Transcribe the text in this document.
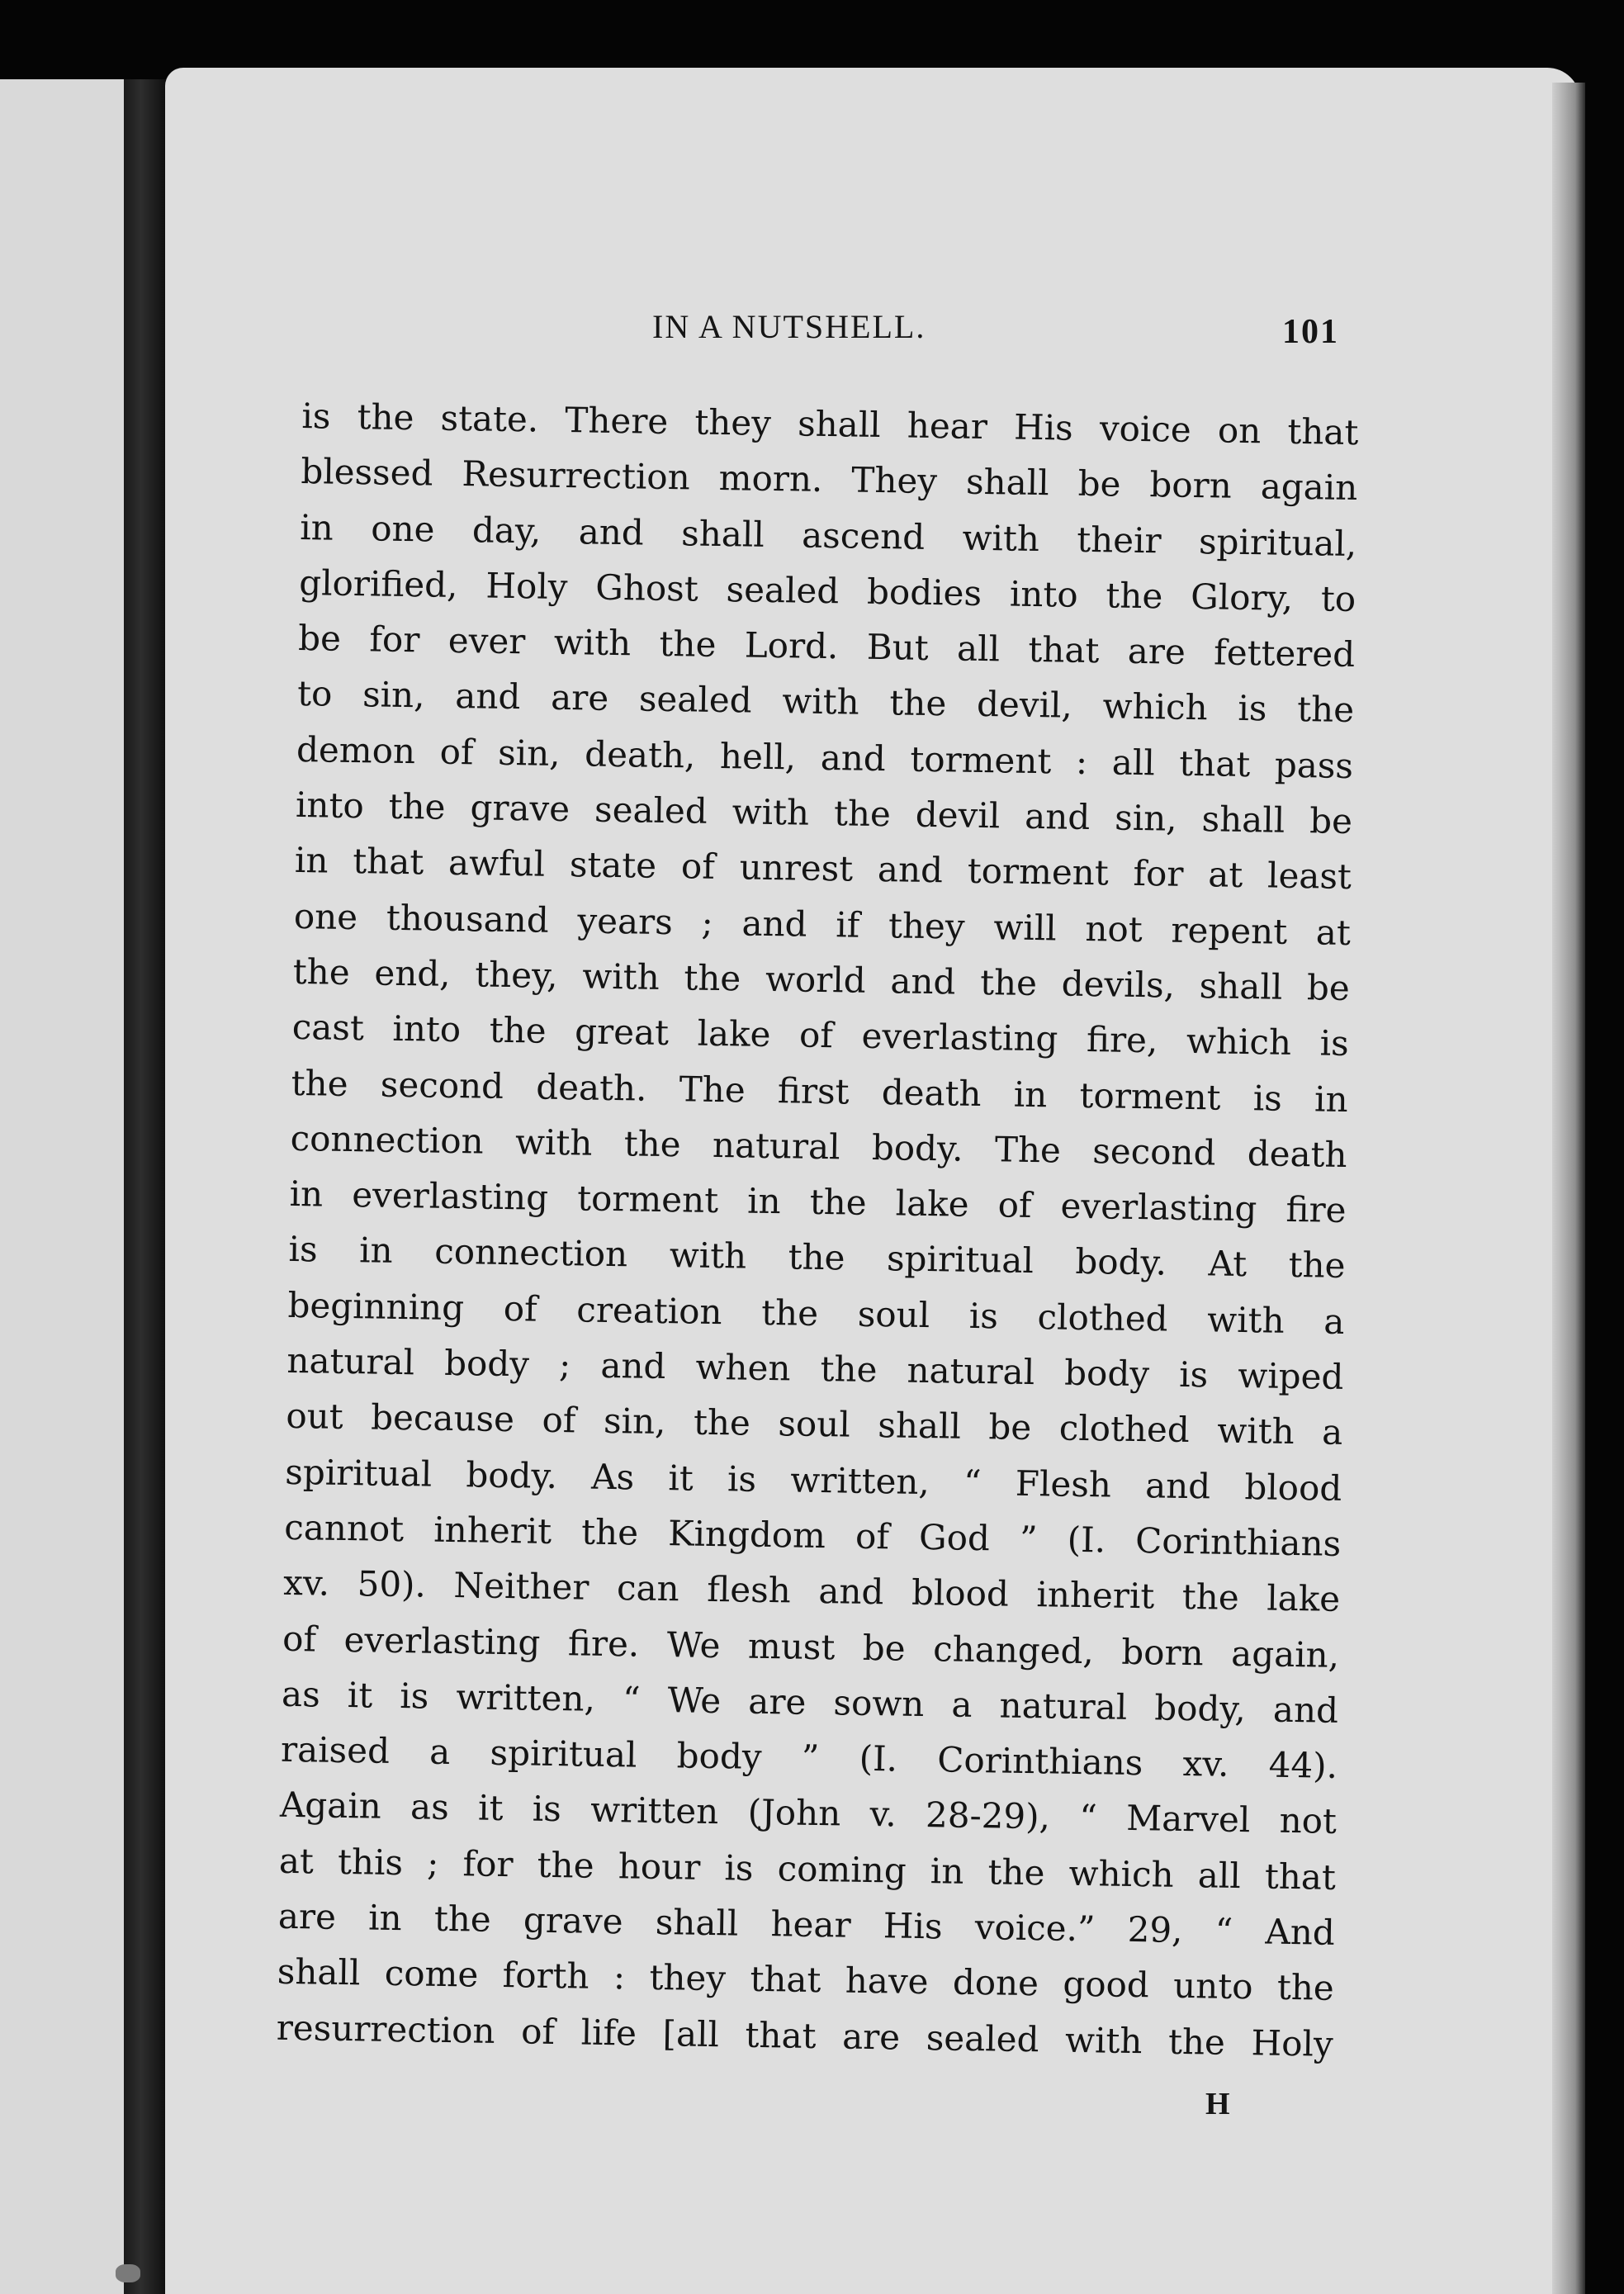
IN A NUTSHELL.	101
is the state. There they shall hear His voice on that
blessed Resurrection morn. They shall be born again
in one day, and shall ascend with their spiritual,
glorified, Holy Ghost sealed bodies into the Glory, to
be for ever with the Lord. But all that are fettered
to sin, and are sealed with the devil, which is the
demon of sin, death, hell, and torment : all that pass
into the grave sealed with the devil and sin, shall be
in that awful state of unrest and torment for at least
one thousand years ; and if they will not repent at
the end, they, with the world and the devils, shall be
cast into the great lake of everlasting fire, which is
the second death. The first death in torment is in
connection with the natural body. The second death
in everlasting torment in the lake of everlasting fire
is in connection with the spiritual body. At the
beginning of creation the soul is clothed with a
natural body ; and when the natural body is wiped
out because of sin, the soul shall be clothed with a
spiritual body. As it is written, “ Flesh and blood
cannot inherit the Kingdom of God ” (I. Corinthians
xv. 50). Neither can flesh and blood inherit the lake
of everlasting fire. We must be changed, born again,
as it is written, “ We are sown a natural body, and
raised a spiritual body ” (I. Corinthians xv. 44).
Again as it is written (John v. 28-29), “ Marvel not
at this ; for the hour is coming in the which all that
are in the grave shall hear His voice.” 29, “ And
shall come forth : they that have done good unto the
resurrection of life [all that are sealed with the Holy
H
